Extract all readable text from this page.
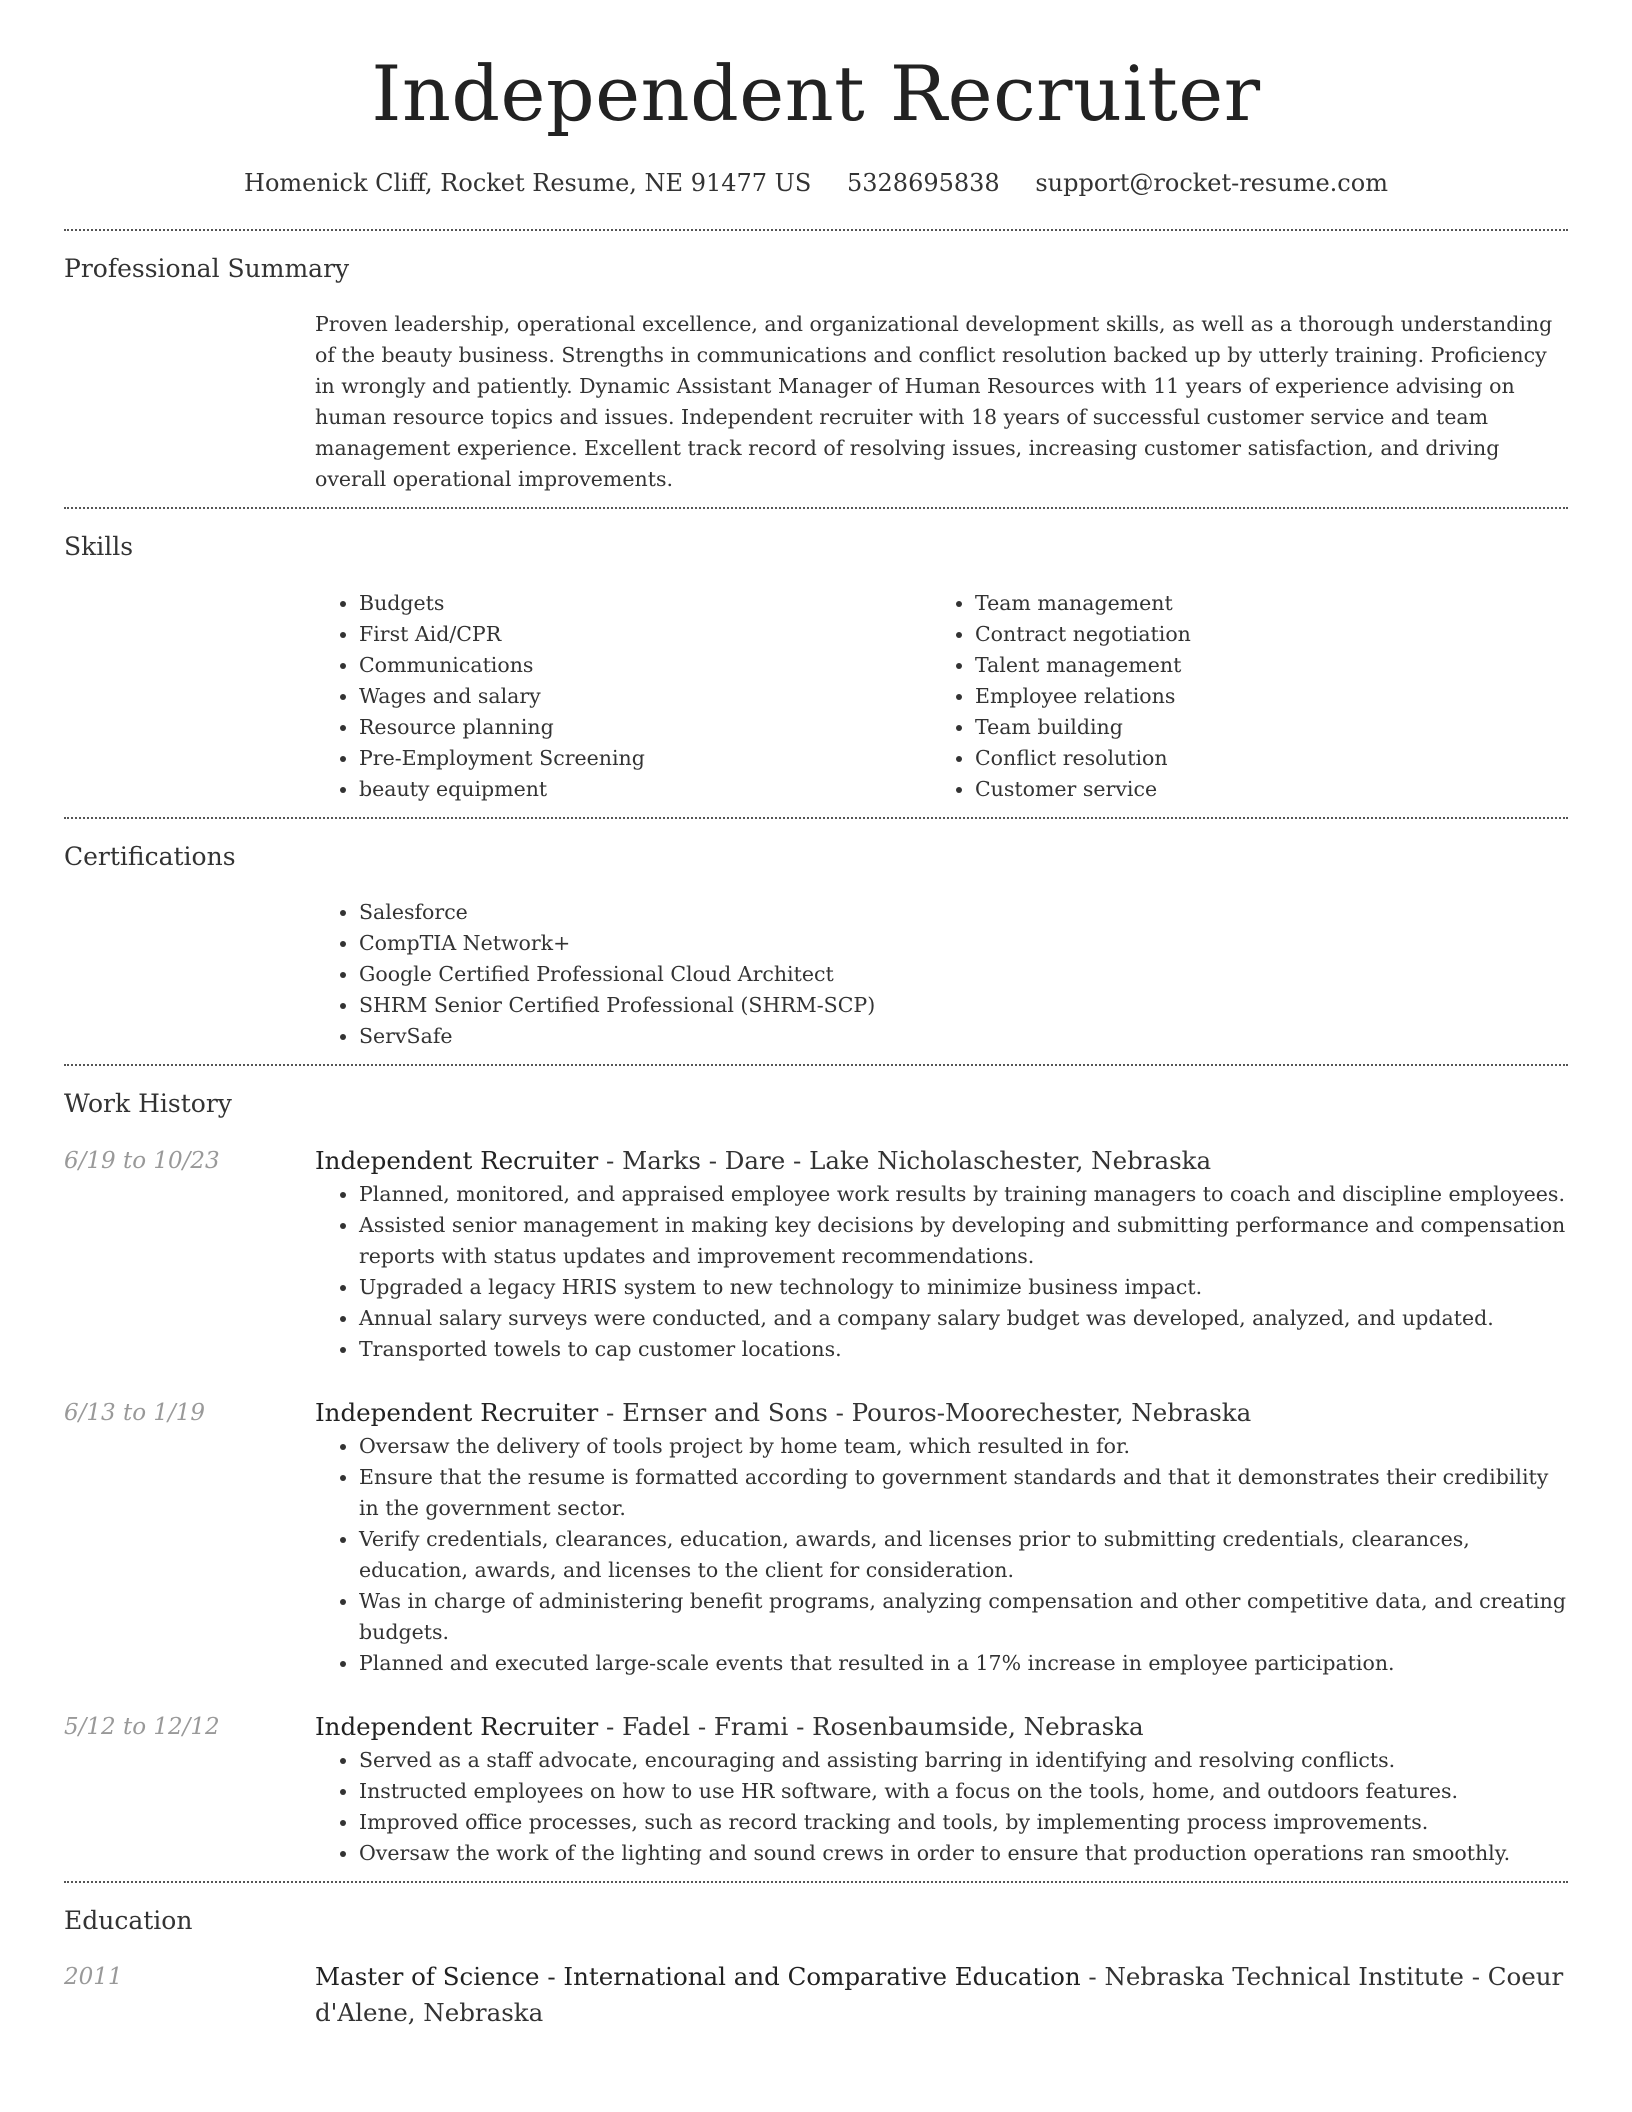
Independent Recruiter
Homenick Cliff, Rocket Resume, NE 91477 US 5328695838 support@rocket-resume.com
Professional Summary
Proven leadership, operational excellence, and organizational development skills, as well as a thorough understanding of the beauty business. Strengths in communications and conflict resolution backed up by utterly training. Proficiency in wrongly and patiently. Dynamic Assistant Manager of Human Resources with 11 years of experience advising on human resource topics and issues. Independent recruiter with 18 years of successful customer service and team management experience. Excellent track record of resolving issues, increasing customer satisfaction, and driving overall operational improvements.
Skills
• Budgets
• First Aid/CPR
• Communications
• Wages and salary
• Resource planning
• Pre-Employment Screening
• beauty equipment
• Team management
• Contract negotiation
• Talent management
• Employee relations
• Team building
• Conflict resolution
• Customer service
Certifications
• Salesforce
• CompTIA Network+
• Google Certified Professional Cloud Architect
• SHRM Senior Certified Professional (SHRM-SCP)
• ServSafe
Work History
6/19 to 10/23	Independent Recruiter - Marks - Dare - Lake Nicholaschester, Nebraska
• Planned, monitored, and appraised employee work results by training managers to coach and discipline employees.
• Assisted senior management in making key decisions by developing and submitting performance and compensation reports with status updates and improvement recommendations.
• Upgraded a legacy HRIS system to new technology to minimize business impact.
• Annual salary surveys were conducted, and a company salary budget was developed, analyzed, and updated.
• Transported towels to cap customer locations.
6/13 to 1/19	Independent Recruiter - Ernser and Sons - Pouros-Moorechester, Nebraska
• Oversaw the delivery of tools project by home team, which resulted in for.
• Ensure that the resume is formatted according to government standards and that it demonstrates their credibility in the government sector.
• Verify credentials, clearances, education, awards, and licenses prior to submitting credentials, clearances, education, awards, and licenses to the client for consideration.
• Was in charge of administering benefit programs, analyzing compensation and other competitive data, and creating budgets.
• Planned and executed large-scale events that resulted in a 17% increase in employee participation.
5/12 to 12/12	Independent Recruiter - Fadel - Frami - Rosenbaumside, Nebraska
• Served as a staff advocate, encouraging and assisting barring in identifying and resolving conflicts.
• Instructed employees on how to use HR software, with a focus on the tools, home, and outdoors features.
• Improved office processes, such as record tracking and tools, by implementing process improvements.
• Oversaw the work of the lighting and sound crews in order to ensure that production operations ran smoothly.
Education
2011	Master of Science - International and Comparative Education - Nebraska Technical Institute - Coeur d'Alene, Nebraska
